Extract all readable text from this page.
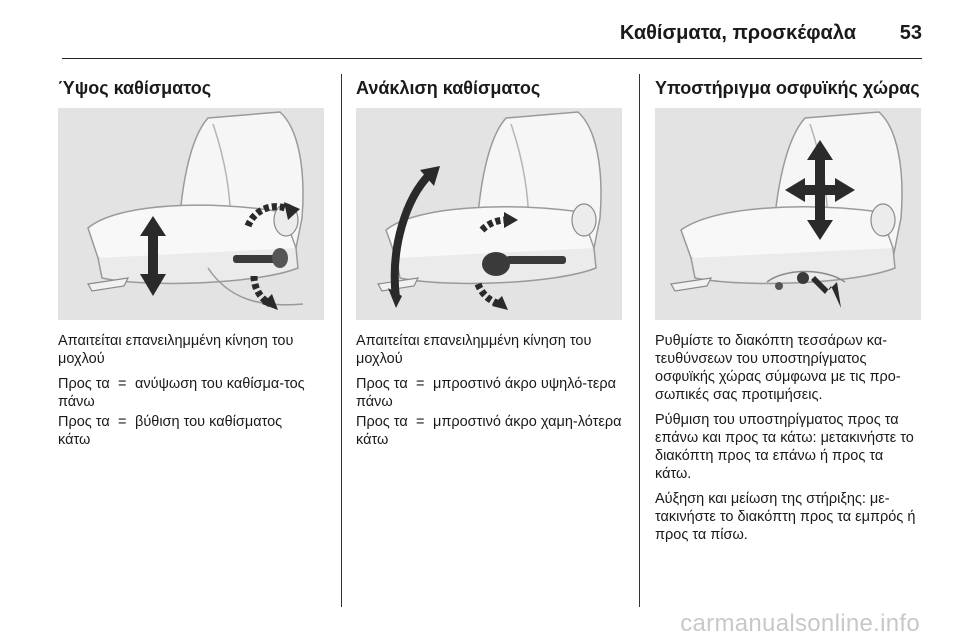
Καθίσματα, προσκέφαλα 53
Ύψος καθίσματος

Απαιτείται επανειλημμένη κίνηση του μοχλού

Προς τα πάνω
= ανύψωση του καθίσμα-τος
Προς τα κάτω
= βύθιση του καθίσματος
Ανάκλιση καθίσματος

Απαιτείται επανειλημμένη κίνηση του μοχλού

Προς τα πάνω
= μπροστινό άκρο υψηλό-τερα
Προς τα κάτω
= μπροστινό άκρο χαμη-λότερα
Υποστήριγμα οσφυϊκής χώρας

Ρυθμίστε το διακόπτη τεσσάρων κα-τευθύνσεων του υποστηρίγματος οσφυϊκής χώρας σύμφωνα με τις προ-σωπικές σας προτιμήσεις.

Ρύθμιση του υποστηρίγματος προς τα επάνω και προς τα κάτω: μετακινήστε το διακόπτη προς τα επάνω ή προς τα κάτω.

Αύξηση και μείωση της στήριξης: με-τακινήστε το διακόπτη προς τα εμπρός ή προς τα πίσω.

carmanualsonline.info
